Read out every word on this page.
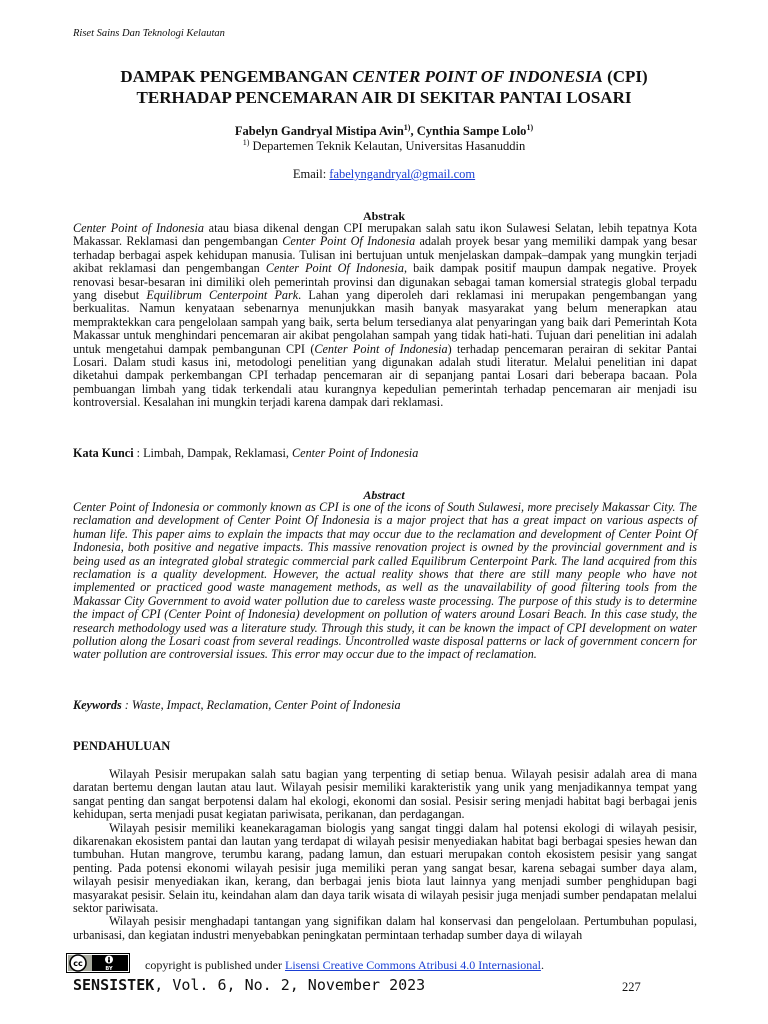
Riset Sains Dan Teknologi Kelautan
DAMPAK PENGEMBANGAN CENTER POINT OF INDONESIA (CPI)
TERHADAP PENCEMARAN AIR DI SEKITAR PANTAI LOSARI
Fabelyn Gandryal Mistipa Avin$^{1)}$, Cynthia Sampe Lolo$^{1)}$
$^{1)}$ Departemen Teknik Kelautan, Universitas Hasanuddin
Email: fabelyngandryal@gmail.com
Abstrak

Center Point of Indonesia atau biasa dikenal dengan CPI merupakan salah satu ikon Sulawesi Selatan, lebih tepatnya Kota Makassar. Reklamasi dan pengembangan Center Point Of Indonesia adalah proyek besar yang memiliki dampak yang besar terhadap berbagai aspek kehidupan manusia. Tulisan ini bertujuan untuk menjelaskan dampak–dampak yang mungkin terjadi akibat reklamasi dan pengembangan Center Point Of Indonesia, baik dampak positif maupun dampak negative. Proyek renovasi besar-besaran ini dimiliki oleh pemerintah provinsi dan digunakan sebagai taman komersial strategis global terpadu yang disebut Equilibrum Centerpoint Park. Lahan yang diperoleh dari reklamasi ini merupakan pengembangan yang berkualitas. Namun kenyataan sebenarnya menunjukkan masih banyak masyarakat yang belum menerapkan atau mempraktekkan cara pengelolaan sampah yang baik, serta belum tersedianya alat penyaringan yang baik dari Pemerintah Kota Makassar untuk menghindari pencemaran air akibat pengolahan sampah yang tidak hati-hati. Tujuan dari penelitian ini adalah untuk mengetahui dampak pembangunan CPI (Center Point of Indonesia) terhadap pencemaran perairan di sekitar Pantai Losari. Dalam studi kasus ini, metodologi penelitian yang digunakan adalah studi literatur. Melalui penelitian ini dapat diketahui dampak perkembangan CPI terhadap pencemaran air di sepanjang pantai Losari dari beberapa bacaan. Pola pembuangan limbah yang tidak terkendali atau kurangnya kepedulian pemerintah terhadap pencemaran air menjadi isu kontroversial. Kesalahan ini mungkin terjadi karena dampak dari reklamasi.

Kata Kunci : Limbah, Dampak, Reklamasi, Center Point of Indonesia
Abstract

Center Point of Indonesia or commonly known as CPI is one of the icons of South Sulawesi, more precisely Makassar City. The reclamation and development of Center Point Of Indonesia is a major project that has a great impact on various aspects of human life. This paper aims to explain the impacts that may occur due to the reclamation and development of Center Point Of Indonesia, both positive and negative impacts. This massive renovation project is owned by the provincial government and is being used as an integrated global strategic commercial park called Equilibrum Centerpoint Park. The land acquired from this reclamation is a quality development. However, the actual reality shows that there are still many people who have not implemented or practiced good waste management methods, as well as the unavailability of good filtering tools from the Makassar City Government to avoid water pollution due to careless waste processing. The purpose of this study is to determine the impact of CPI (Center Point of Indonesia) development on pollution of waters around Losari Beach. In this case study, the research methodology used was a literature study. Through this study, it can be known the impact of CPI development on water pollution along the Losari coast from several readings. Uncontrolled waste disposal patterns or lack of government concern for water pollution are controversial issues. This error may occur due to the impact of reclamation.

Keywords : Waste, Impact, Reclamation, Center Point of Indonesia
PENDAHULUAN

Wilayah Pesisir merupakan salah satu bagian yang terpenting di setiap benua. Wilayah pesisir adalah area di mana daratan bertemu dengan lautan atau laut. Wilayah pesisir memiliki karakteristik yang unik yang menjadikannya tempat yang sangat penting dan sangat berpotensi dalam hal ekologi, ekonomi dan sosial. Pesisir sering menjadi habitat bagi berbagai jenis kehidupan, serta menjadi pusat kegiatan pariwisata, perikanan, dan perdagangan.

Wilayah pesisir memiliki keanekaragaman biologis yang sangat tinggi dalam hal potensi ekologi di wilayah pesisir, dikarenakan ekosistem pantai dan lautan yang terdapat di wilayah pesisir menyediakan habitat bagi berbagai spesies hewan dan tumbuhan. Hutan mangrove, terumbu karang, padang lamun, dan estuari merupakan contoh ekosistem pesisir yang sangat penting. Pada potensi ekonomi wilayah pesisir juga memiliki peran yang sangat besar, karena sebagai sumber daya alam, wilayah pesisir menyediakan ikan, kerang, dan berbagai jenis biota laut lainnya yang menjadi sumber penghidupan bagi masyarakat pesisir. Selain itu, keindahan alam dan daya tarik wisata di wilayah pesisir juga menjadi sumber pendapatan melalui sektor pariwisata.

Wilayah pesisir menghadapi tantangan yang signifikan dalam hal konservasi dan pengelolaan. Pertumbuhan populasi, urbanisasi, dan kegiatan industri menyebabkan peningkatan permintaan terhadap sumber daya di wilayah

cc
BY	copyright is published under Lisensi Creative Commons Atribusi 4.0 Internasional.
SENSISTEK, Vol. 6, No. 2, November 2023	227
